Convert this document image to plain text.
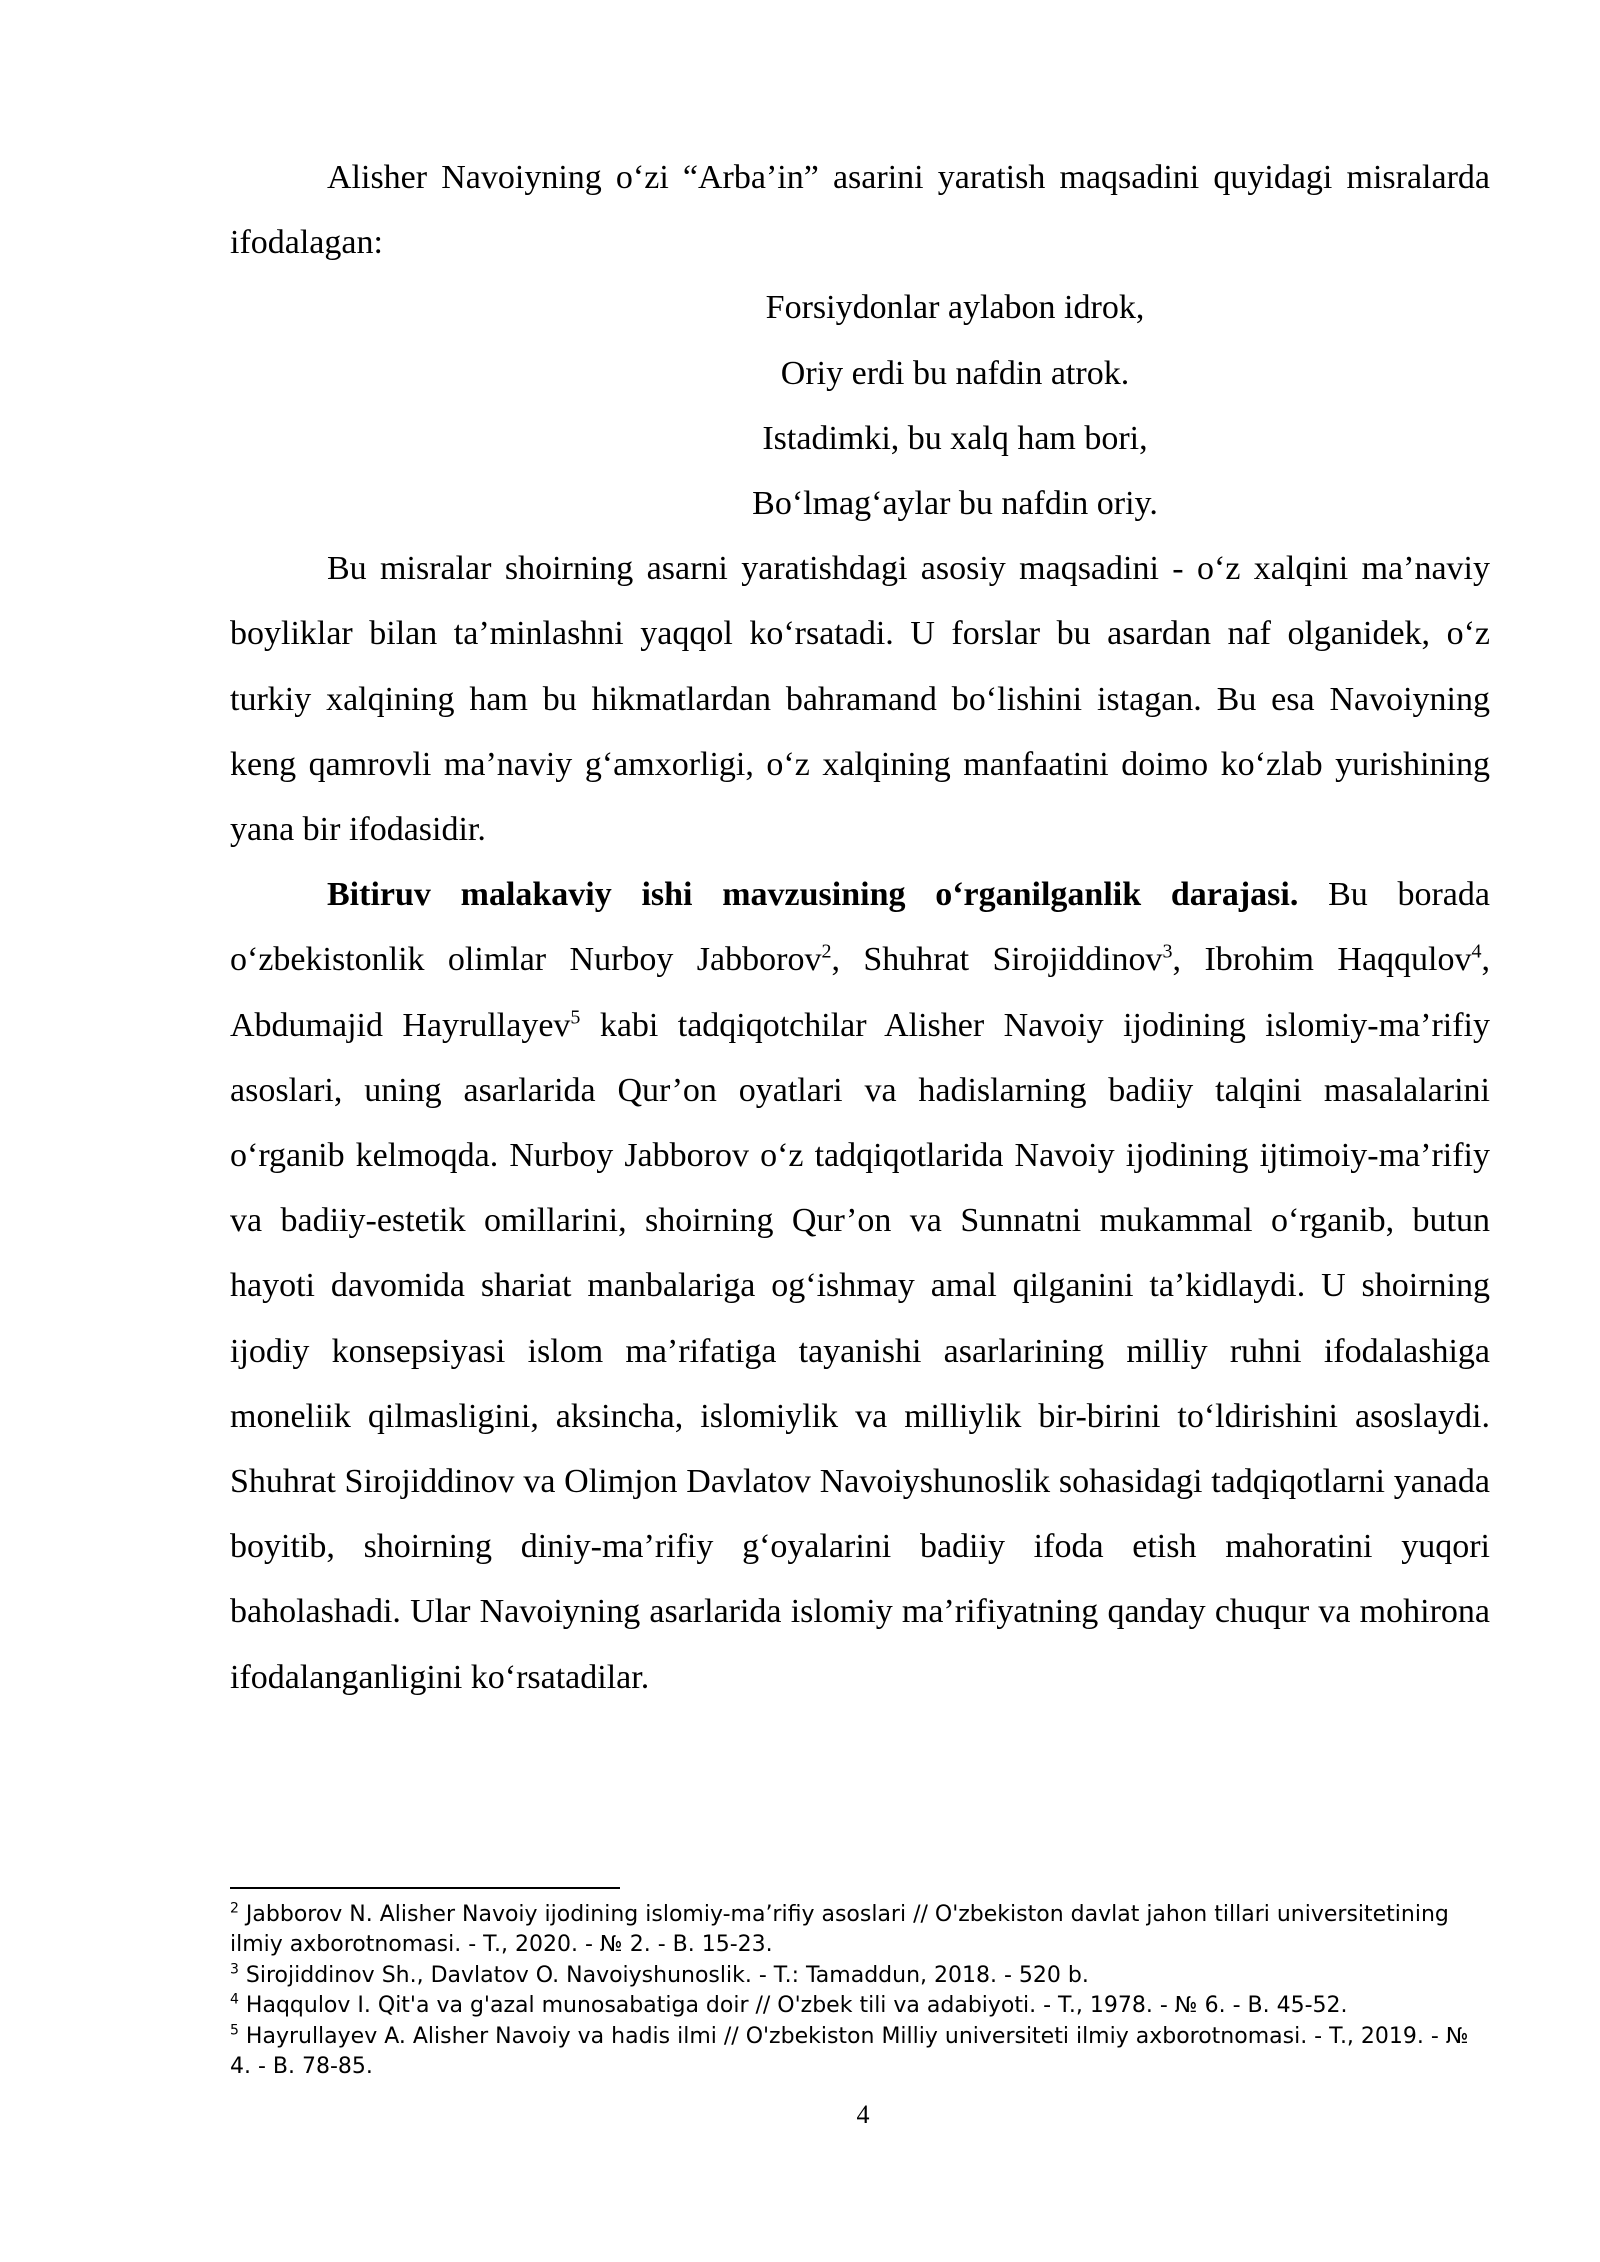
Alisher Navoiyning o‘zi “Arba’in” asarini yaratish maqsadini quyidagi misralarda ifodalagan:

Forsiydonlar aylabon idrok,
Oriy erdi bu nafdin atrok.
Istadimki, bu xalq ham bori,
Bo‘lmag‘aylar bu nafdin oriy.

Bu misralar shoirning asarni yaratishdagi asosiy maqsadini - o‘z xalqini ma’naviy boyliklar bilan ta’minlashni yaqqol ko‘rsatadi. U forslar bu asardan naf olganidek, o‘z turkiy xalqining ham bu hikmatlardan bahramand bo‘lishini istagan. Bu esa Navoiyning keng qamrovli ma’naviy g‘amxorligi, o‘z xalqining manfaatini doimo ko‘zlab yurishining yana bir ifodasidir.

Bitiruv malakaviy ishi mavzusining o‘rganilganlik darajasi. Bu borada o‘zbekistonlik olimlar Nurboy Jabborov$^2$, Shuhrat Sirojiddinov$^3$, Ibrohim Haqqulov$^4$, Abdumajid Hayrullayev$^5$ kabi tadqiqotchilar Alisher Navoiy ijodining islomiy-ma’rifiy asoslari, uning asarlarida Qur’on oyatlari va hadislarning badiiy talqini masalalarini o‘rganib kelmoqda. Nurboy Jabborov o‘z tadqiqotlarida Navoiy ijodining ijtimoiy-ma’rifiy va badiiy-estetik omillarini, shoirning Qur’on va Sunnatni mukammal o‘rganib, butun hayoti davomida shariat manbalariga og‘ishmay amal qilganini ta’kidlaydi. U shoirning ijodiy konsepsiyasi islom ma’rifatiga tayanishi asarlarining milliy ruhni ifodalashiga moneliik qilmasligini, aksincha, islomiylik va milliylik bir-birini to‘ldirishini asoslaydi. Shuhrat Sirojiddinov va Olimjon Davlatov Navoiyshunoslik sohasidagi tadqiqotlarni yanada boyitib, shoirning diniy-ma’rifiy g‘oyalarini badiiy ifoda etish mahoratini yuqori baholashadi. Ular Navoiyning asarlarida islomiy ma’rifiyatning qanday chuqur va mohirona ifodalanganligini ko‘rsatadilar.

$^2$ Jabborov N. Alisher Navoiy ijodining islomiy-ma’rifiy asoslari // O'zbekiston davlat jahon tillari universitetining ilmiy axborotnomasi. - T., 2020. - № 2. - B. 15-23.

$^3$ Sirojiddinov Sh., Davlatov O. Navoiyshunoslik. - T.: Tamaddun, 2018. - 520 b.

$^4$ Haqqulov I. Qit'a va g'azal munosabatiga doir // O'zbek tili va adabiyoti. - T., 1978. - № 6. - B. 45-52.

$^5$ Hayrullayev A. Alisher Navoiy va hadis ilmi // O'zbekiston Milliy universiteti ilmiy axborotnomasi. - T., 2019. - № 4. - B. 78-85.

4
